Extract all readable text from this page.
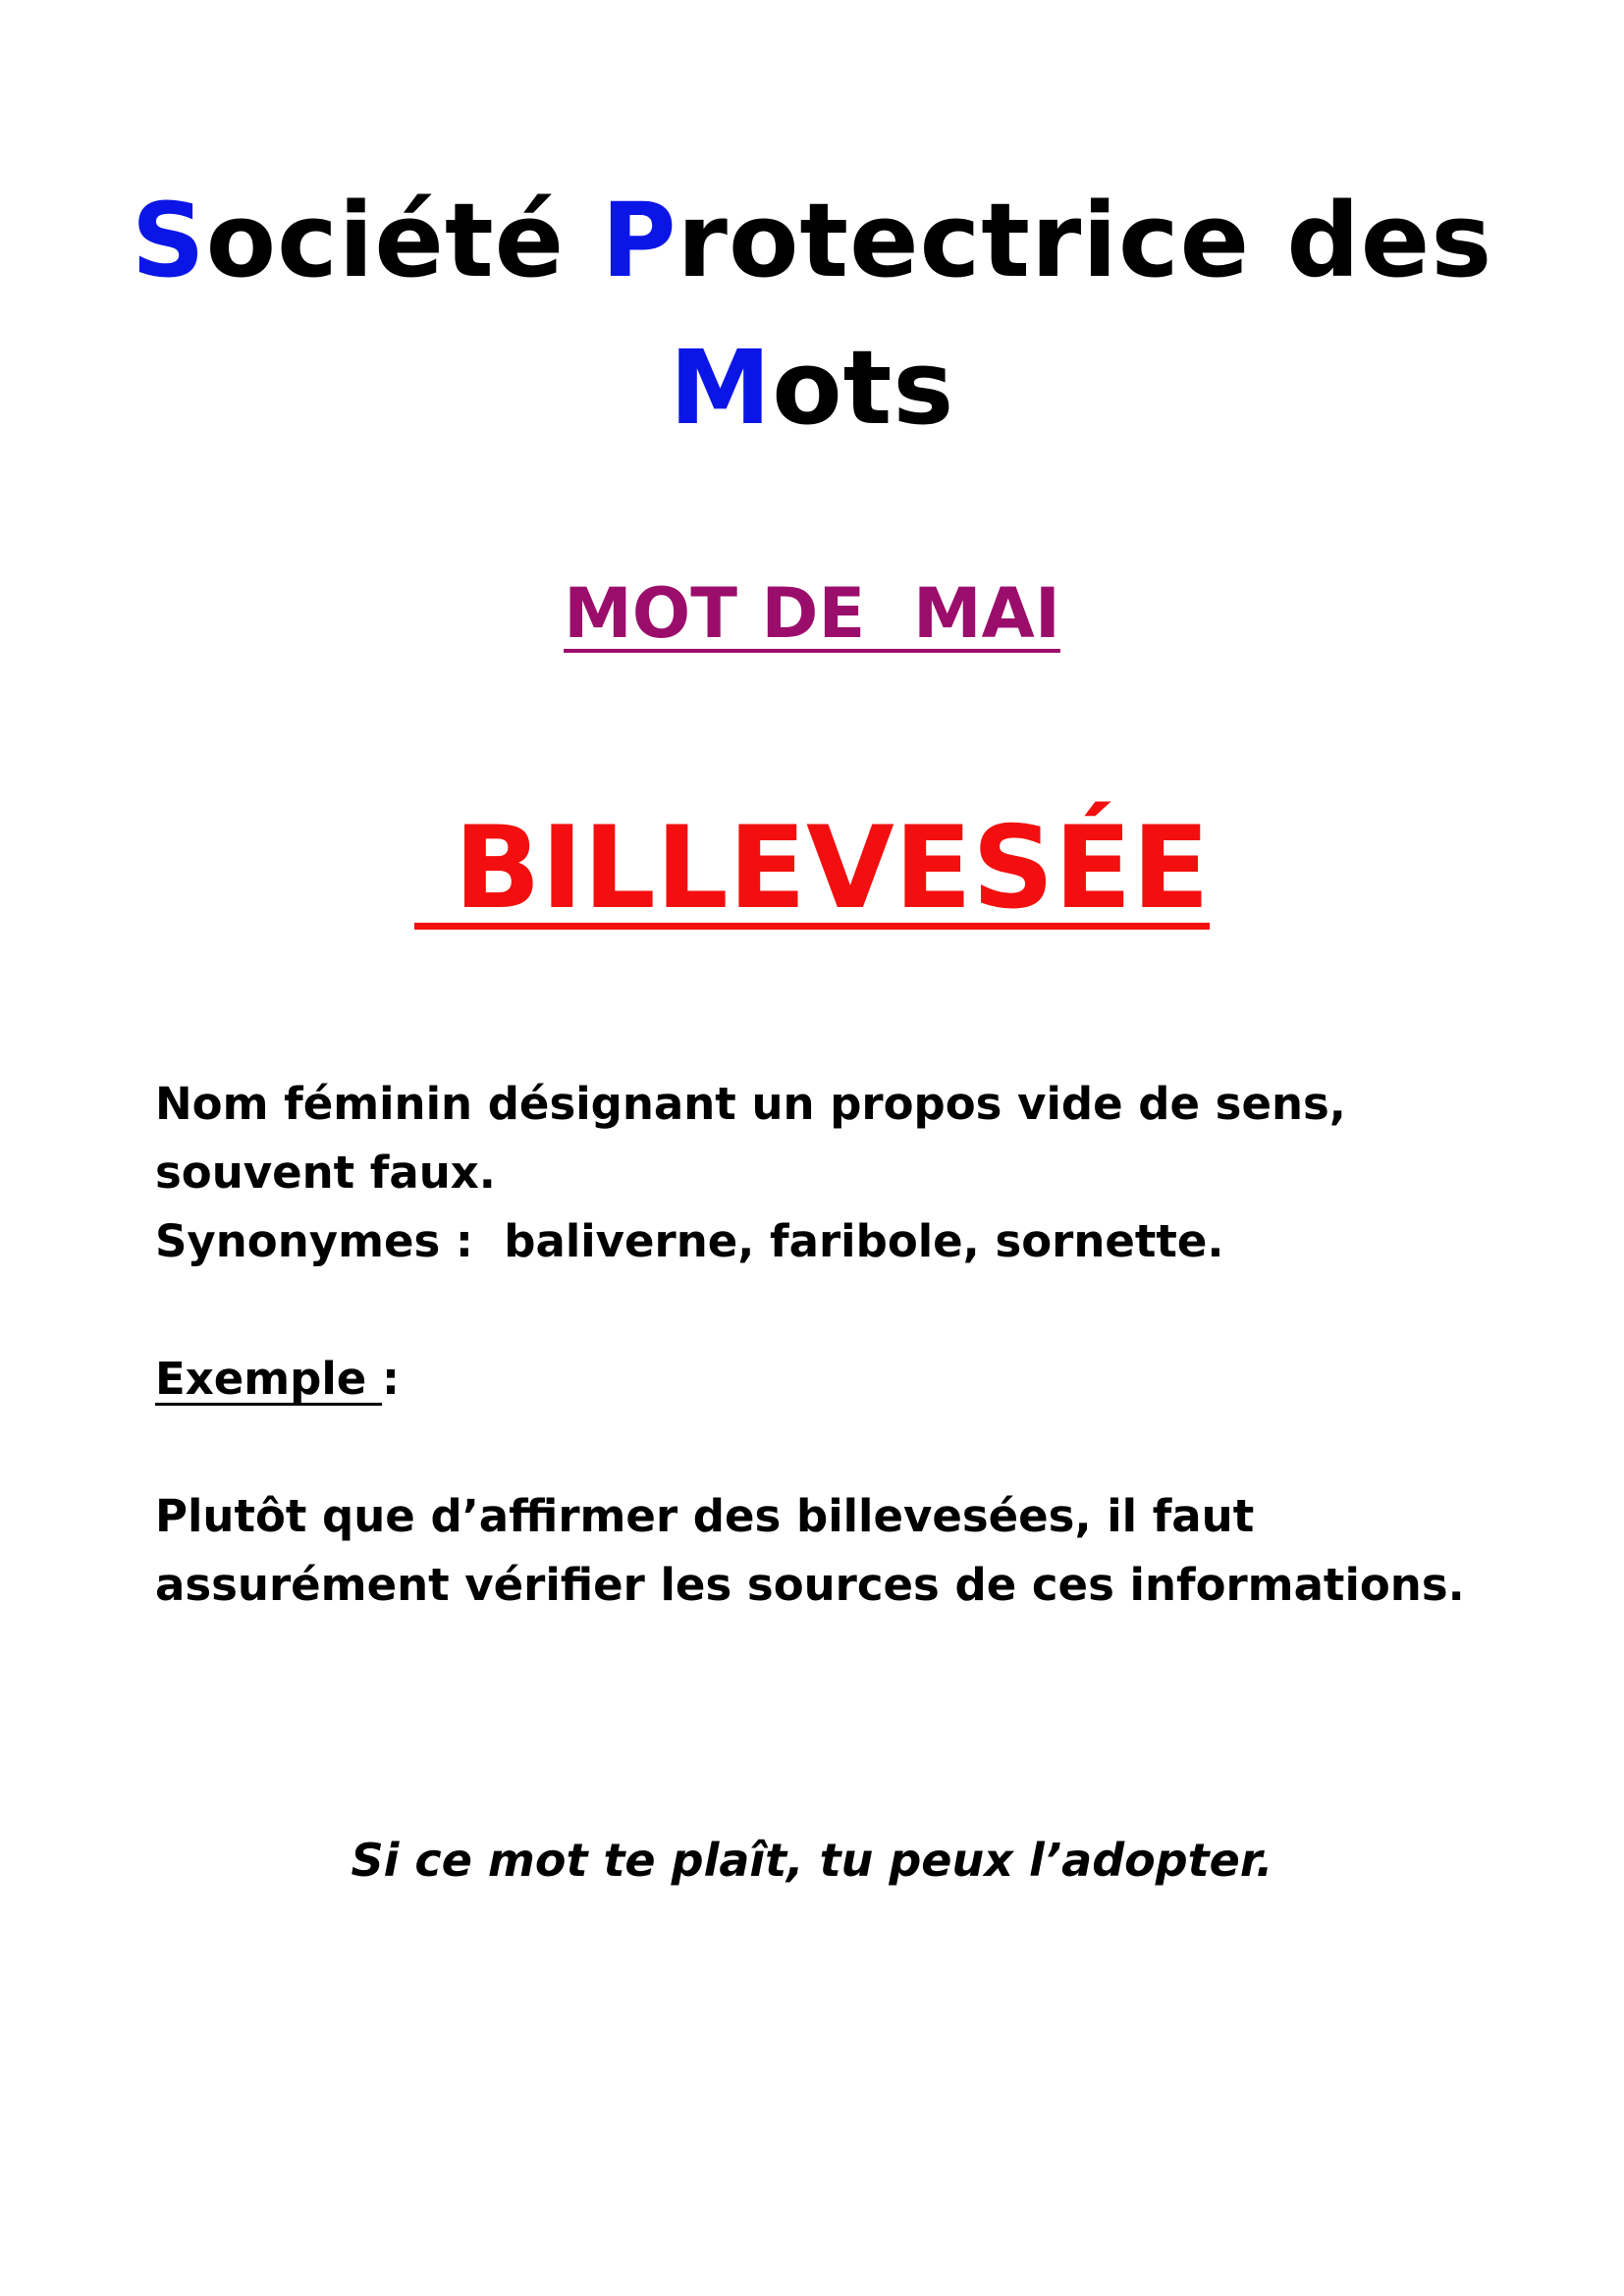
Société Protectrice des
Mots
MOT DE  MAI
BILLEVESÉE
Nom féminin désignant un propos vide de sens,
souvent faux.
Synonymes :  baliverne, faribole, sornette.
Exemple :
Plutôt que d’affirmer des billevesées, il faut
assurément vérifier les sources de ces informations.
Si ce mot te plaît, tu peux l’adopter.
